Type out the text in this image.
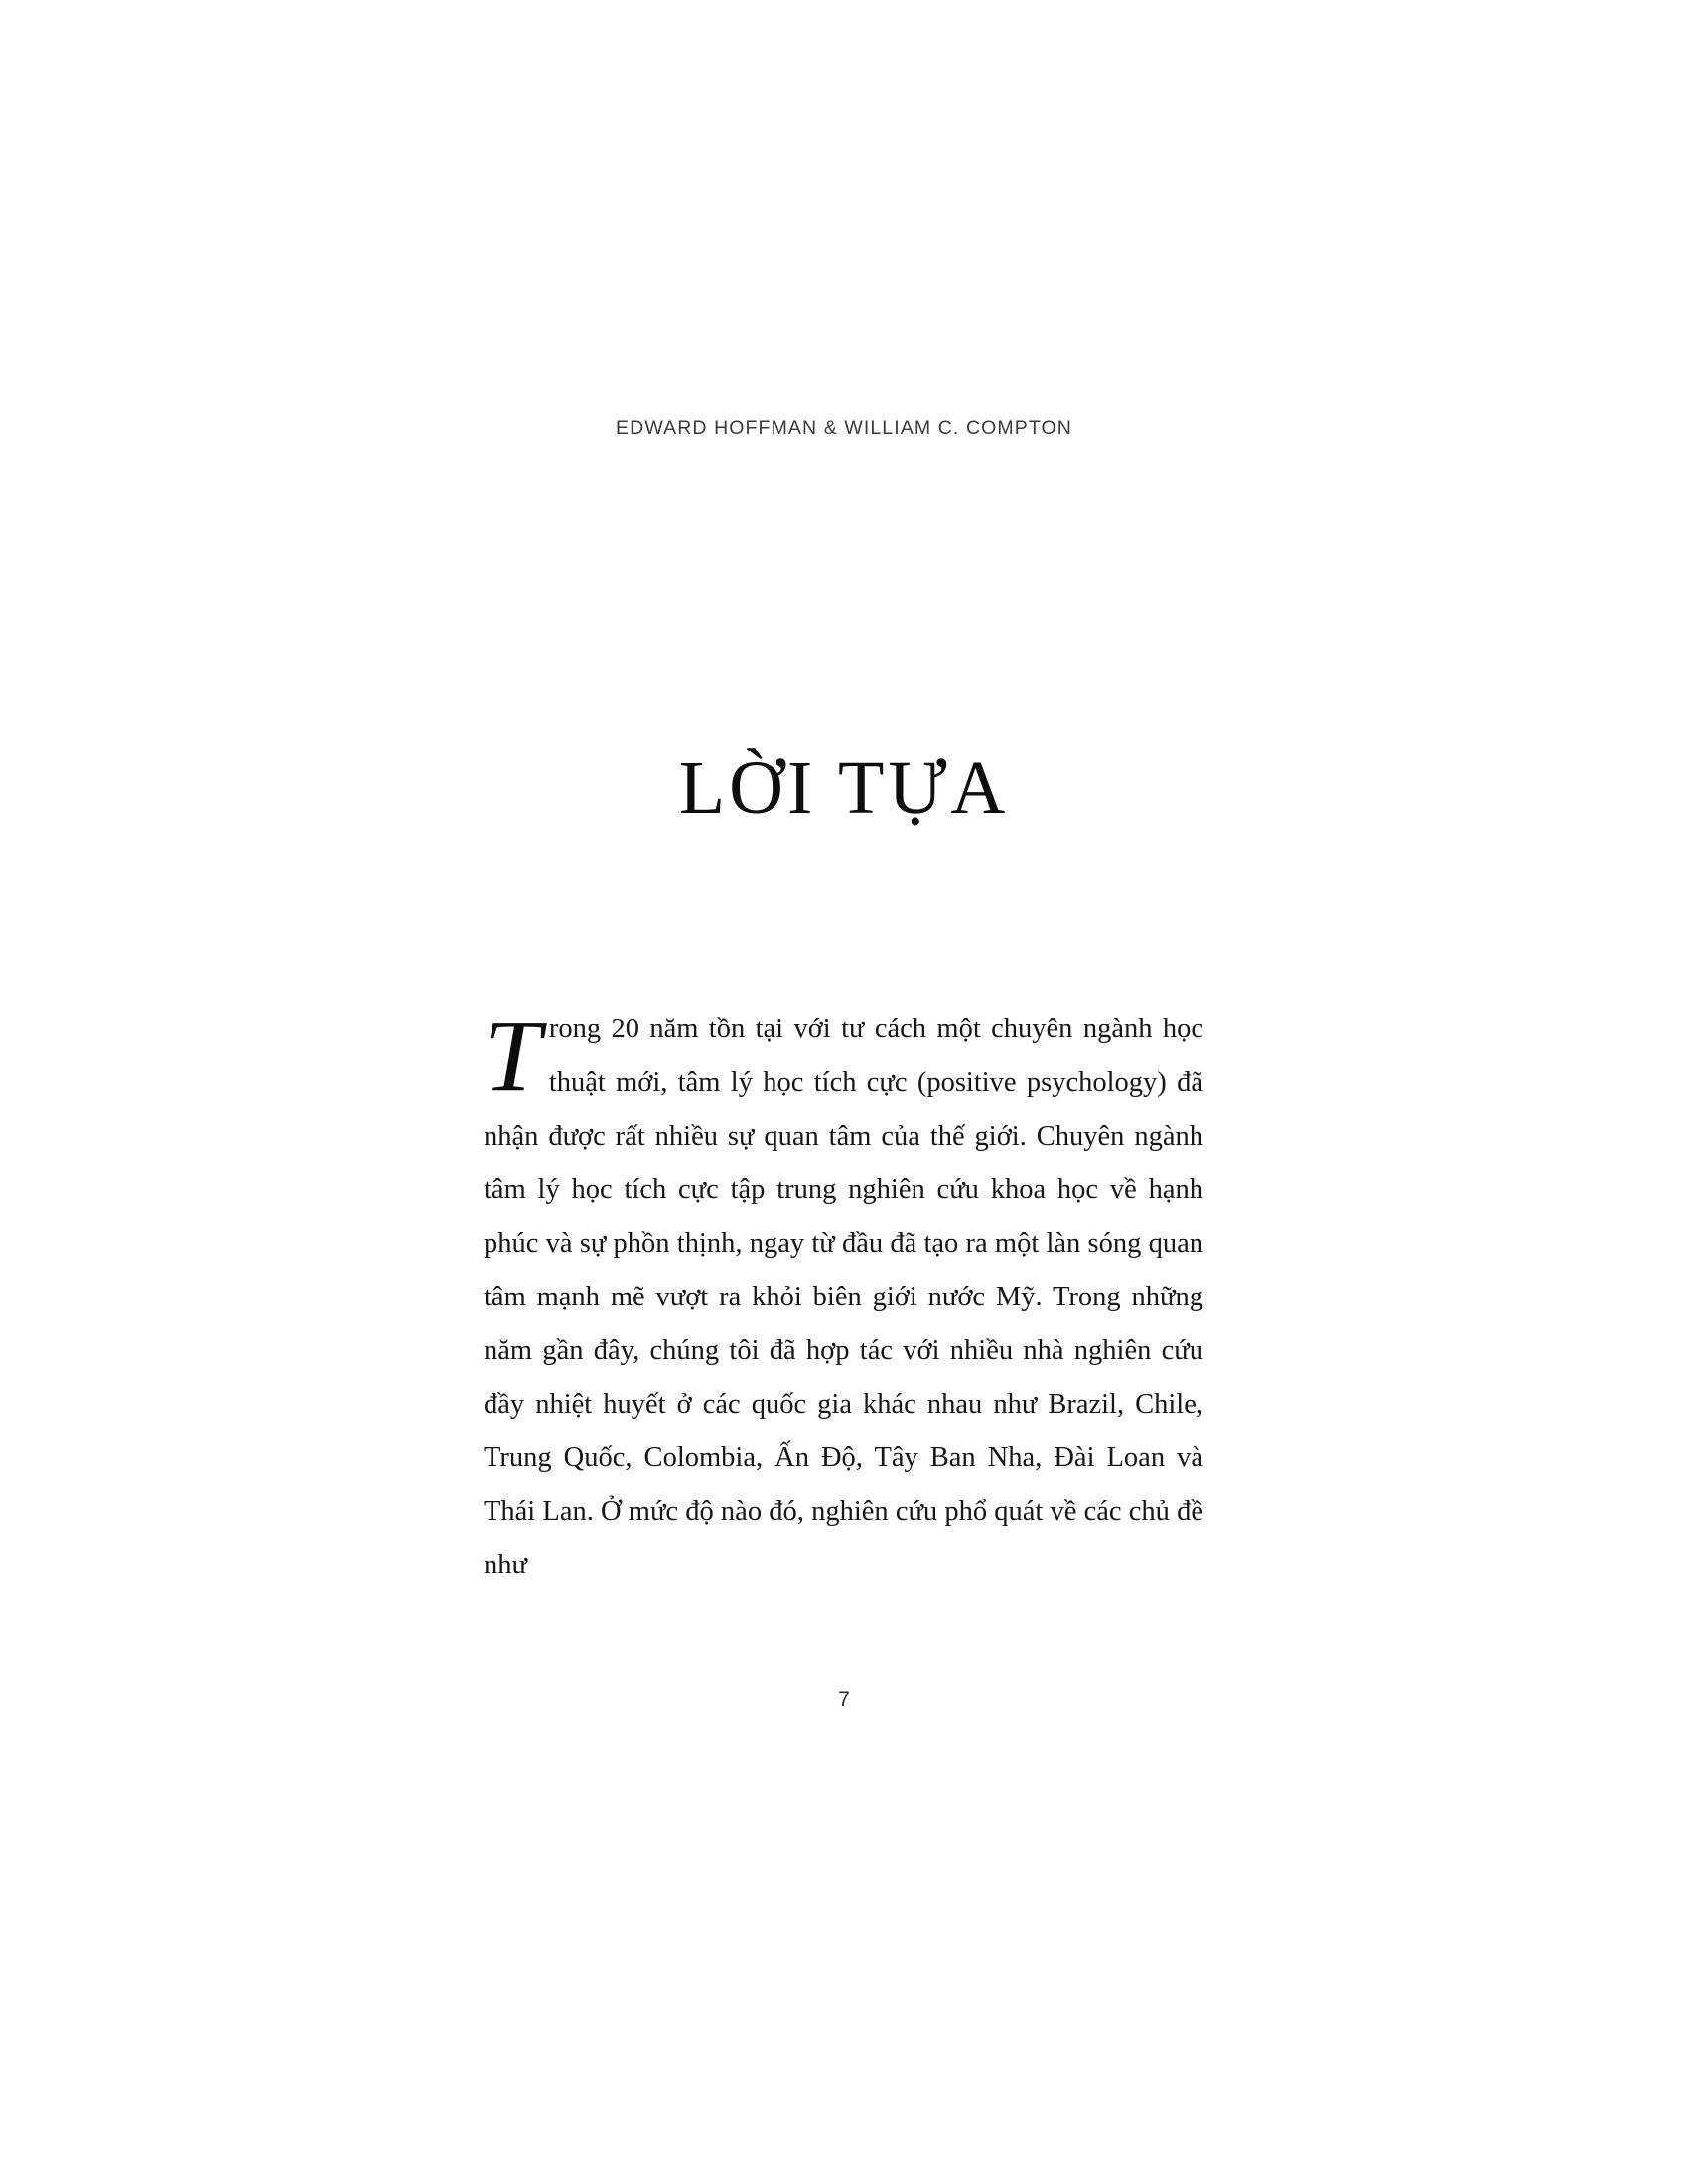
EDWARD HOFFMAN & WILLIAM C. COMPTON
LỜI TỰA

Trong 20 năm tồn tại với tư cách một chuyên ngành học thuật mới, tâm lý học tích cực (positive psychology) đã nhận được rất nhiều sự quan tâm của thế giới. Chuyên ngành tâm lý học tích cực tập trung nghiên cứu khoa học về hạnh phúc và sự phồn thịnh, ngay từ đầu đã tạo ra một làn sóng quan tâm mạnh mẽ vượt ra khỏi biên giới nước Mỹ. Trong những năm gần đây, chúng tôi đã hợp tác với nhiều nhà nghiên cứu đầy nhiệt huyết ở các quốc gia khác nhau như Brazil, Chile, Trung Quốc, Colombia, Ấn Độ, Tây Ban Nha, Đài Loan và Thái Lan. Ở mức độ nào đó, nghiên cứu phổ quát về các chủ đề như

7
